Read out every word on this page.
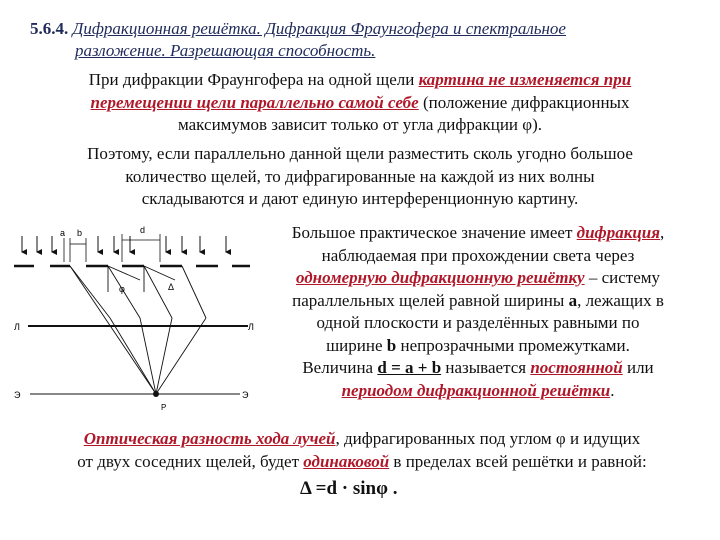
5.6.4. Дифракционная решётка. Дифракция Фраунгофера и спектральное
разложение. Разрешающая способность.
При дифракции Фраунгофера на одной щели картина не изменяется при
перемещении щели параллельно самой себе (положение дифракционных
максимумов зависит только от угла дифракции φ).
Поэтому, если параллельно данной щели разместить сколь угодно большое
количество щелей, то дифрагированные на каждой из них волны
складываются и дают единую интерференционную картину.
a b	d
φ	Δ
Л	Л
Э	Э
P
Большое практическое значение имеет дифракция,
наблюдаемая при прохождении света через
одномерную дифракционную решётку – систему
параллельных щелей равной ширины a, лежащих в
одной плоскости и разделённых равными по
ширине b непрозрачными промежутками.
Величина d = a + b называется постоянной или
периодом дифракционной решётки.
Оптическая разность хода лучей, дифрагированных под углом φ и идущих
от двух соседних щелей, будет одинаковой в пределах всей решётки и равной:
Δ =d · sinφ .
